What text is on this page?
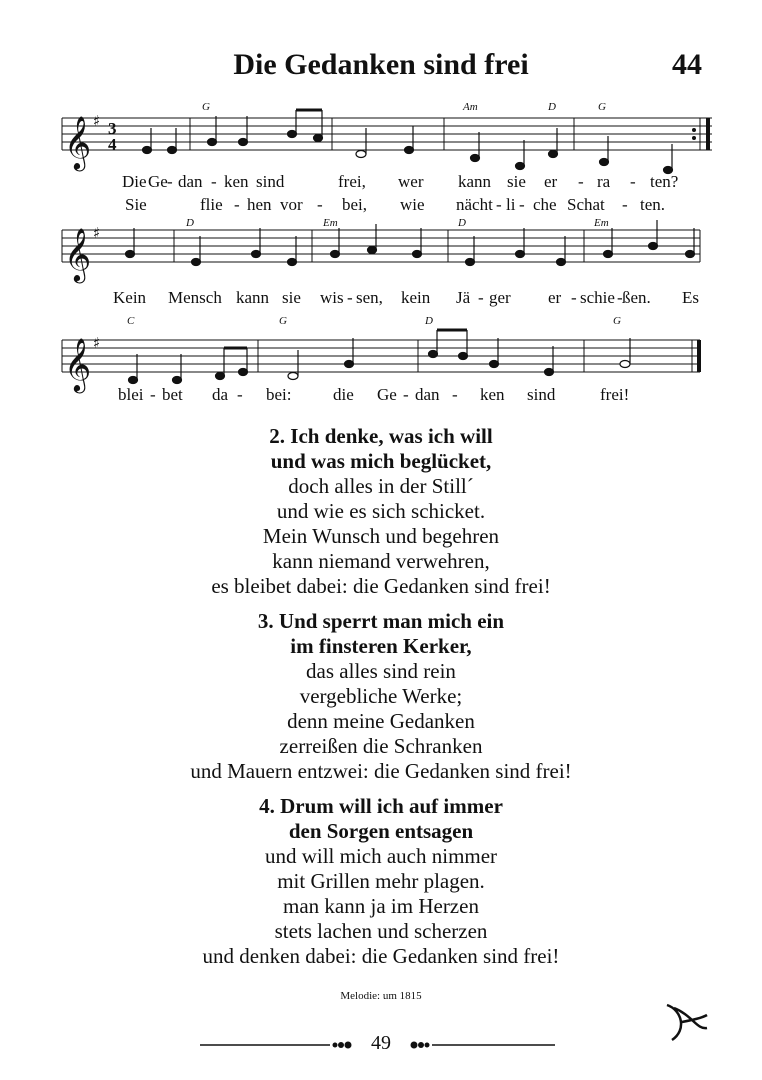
Die Gedanken sind frei	44
𝄞
𝄞
𝄞
♯
♯
♯
3
4
G	Am	D	G
D	Em	D	Em
C	G	D	G
Die Ge - dan - ken sind	frei, wer kann sie er - ra - ten?
Sie	flie - hen vor - bei, wie nächt - li - che Schat - ten.
Kein Mensch kann sie wis - sen, kein Jä - ger er - schie - ßen. Es
blei - bet da - bei: die Ge - dan - ken sind	frei!
2. Ich denke, was ich will
und was mich beglücket,
doch alles in der Still´
und wie es sich schicket.
Mein Wunsch und begehren
kann niemand verwehren,
es bleibet dabei: die Gedanken sind frei!
3. Und sperrt man mich ein
im finsteren Kerker,
das alles sind rein
vergebliche Werke;
denn meine Gedanken
zerreißen die Schranken
und Mauern entzwei: die Gedanken sind frei!
4. Drum will ich auf immer
den Sorgen entsagen
und will mich auch nimmer
mit Grillen mehr plagen.
man kann ja im Herzen
stets lachen und scherzen
und denken dabei: die Gedanken sind frei!
Melodie: um 1815
49
